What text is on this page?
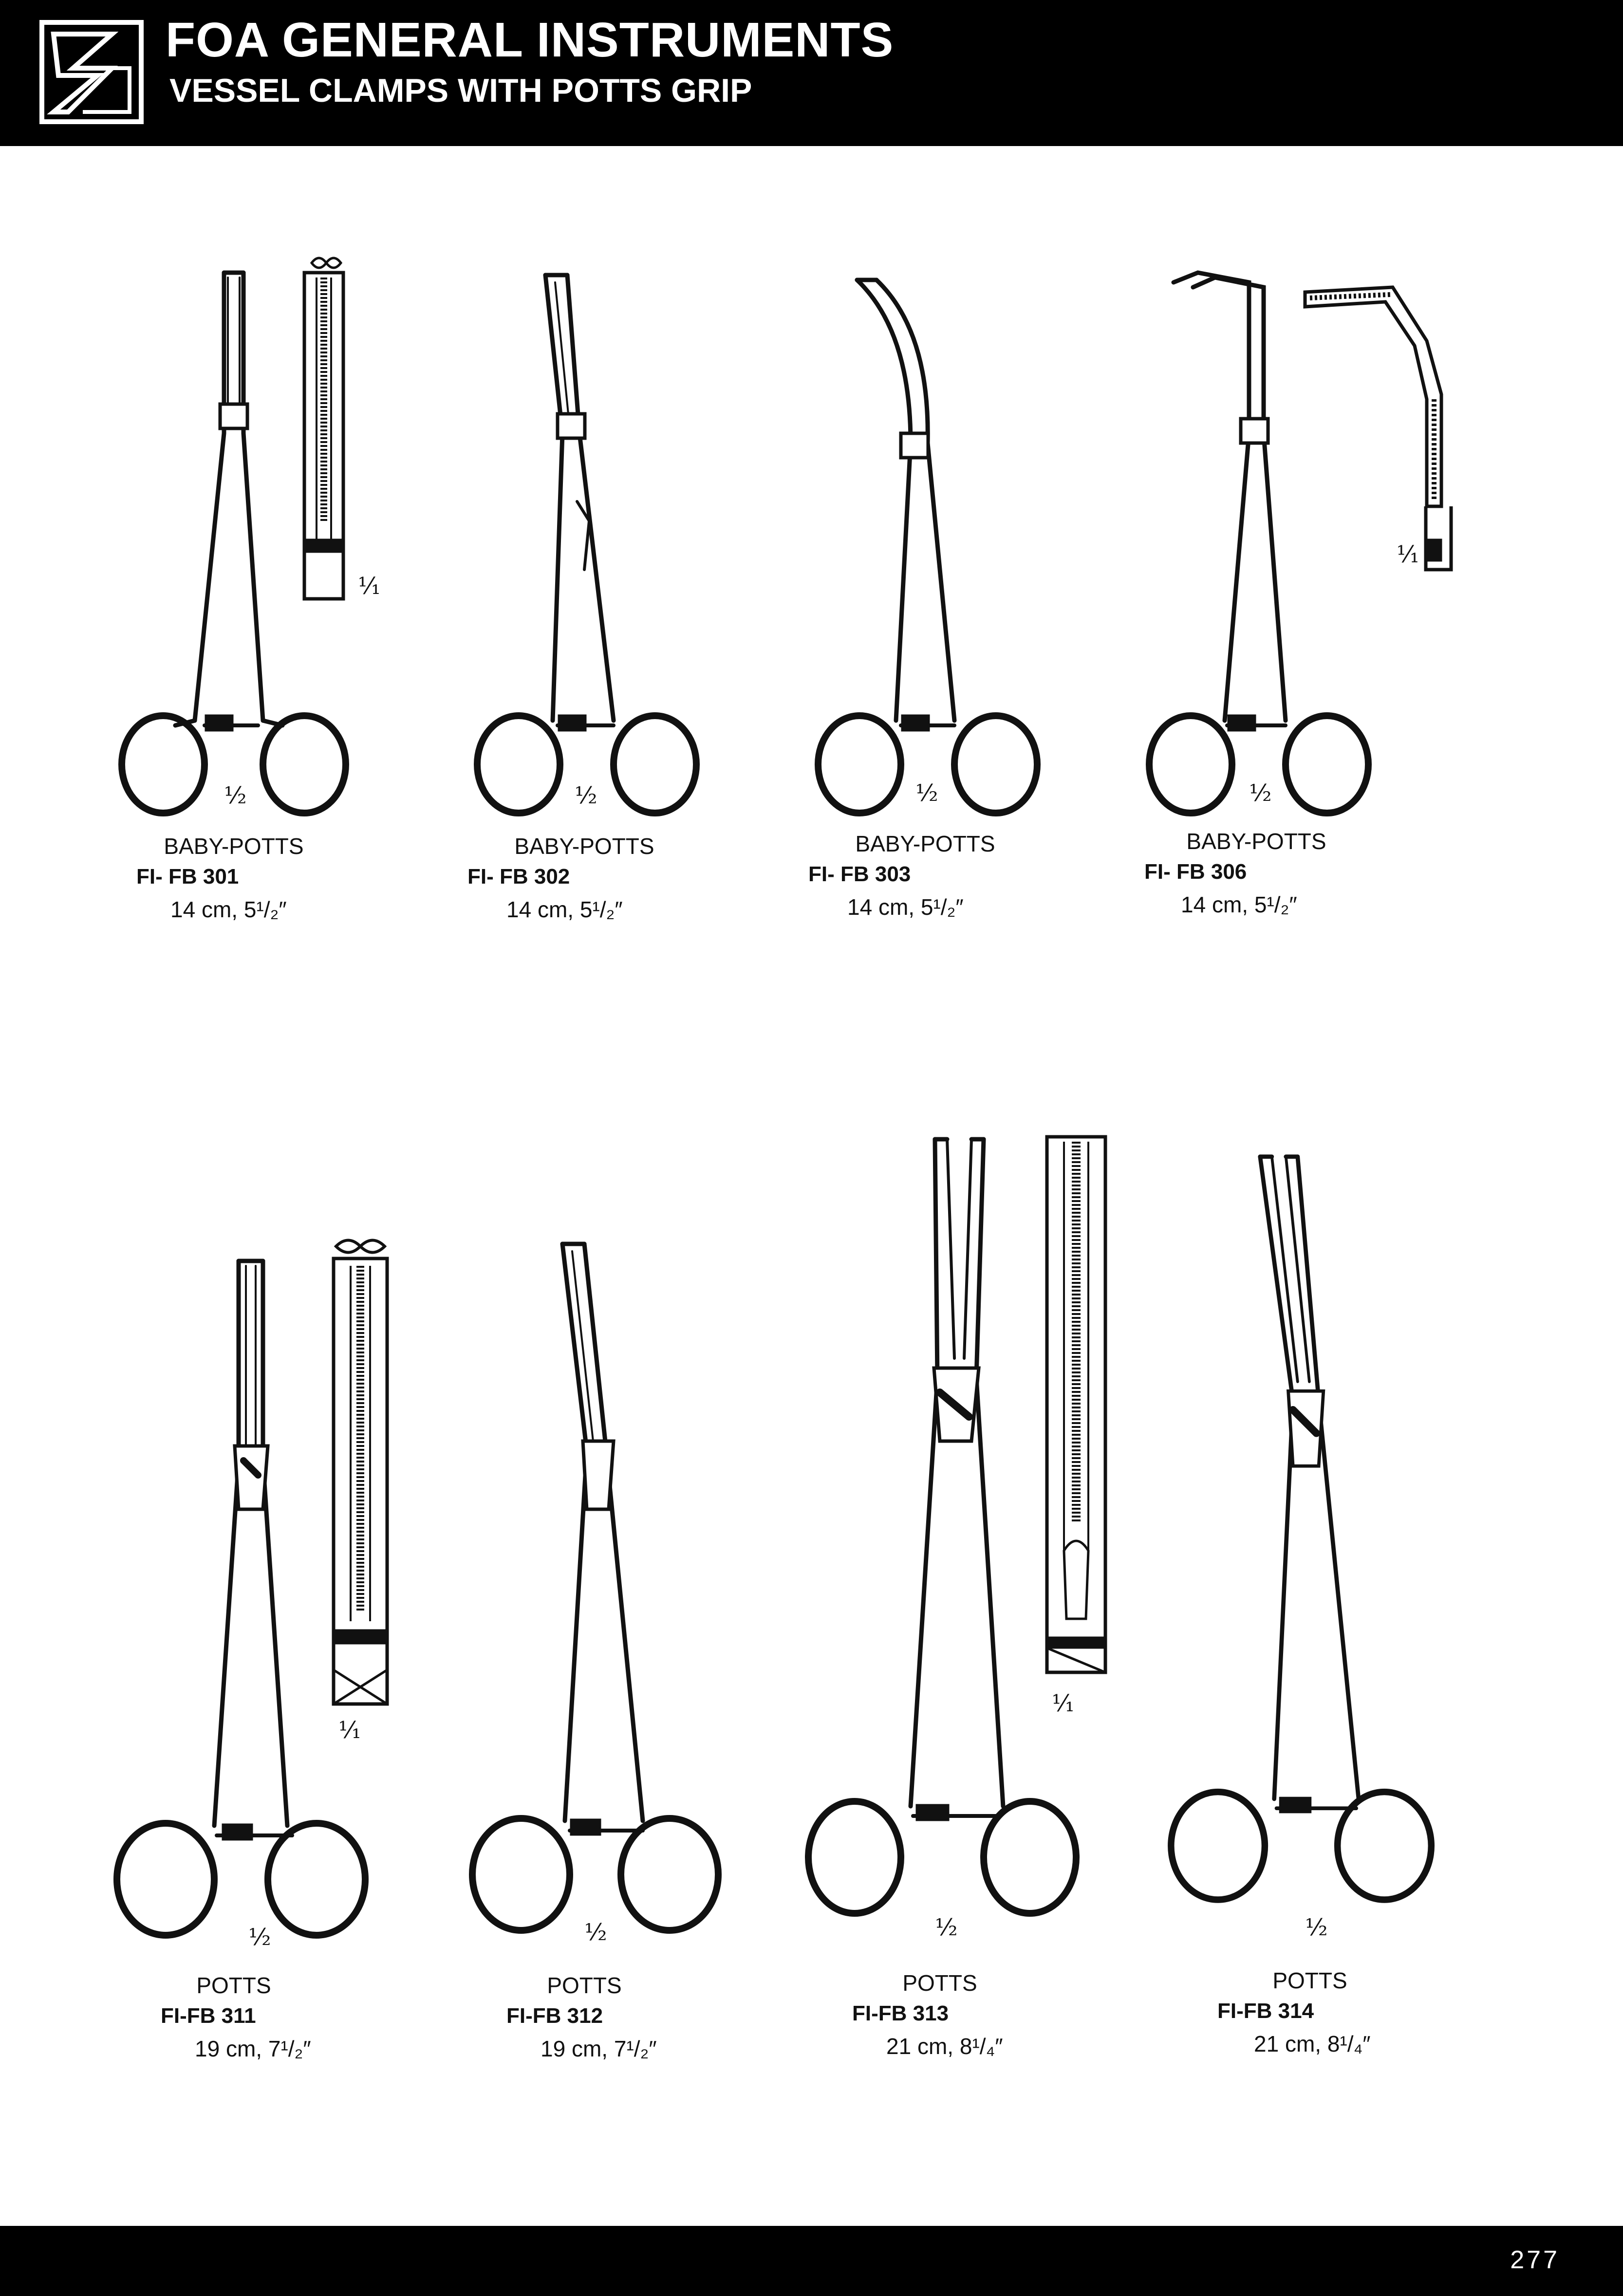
FOA GENERAL INSTRUMENTS
VESSEL CLAMPS WITH POTTS GRIP
½
BABY-POTTS
FI- FB 301
14 cm, 5¹/₂″
¹⁄₁
½
BABY-POTTS
FI- FB 302
14 cm, 5¹/₂″
½
BABY-POTTS
FI- FB 303
14 cm, 5¹/₂″
½
BABY-POTTS
FI- FB 306
14 cm, 5¹/₂″
¹⁄₁
½
POTTS
FI-FB 311
19 cm, 7¹/₂″
¹⁄₁
½
POTTS
FI-FB 312
19 cm, 7¹/₂″
½
POTTS
FI-FB 313
21 cm, 8¹/₄″
¹⁄₁
½
POTTS
FI-FB 314
21 cm, 8¹/₄″
277
